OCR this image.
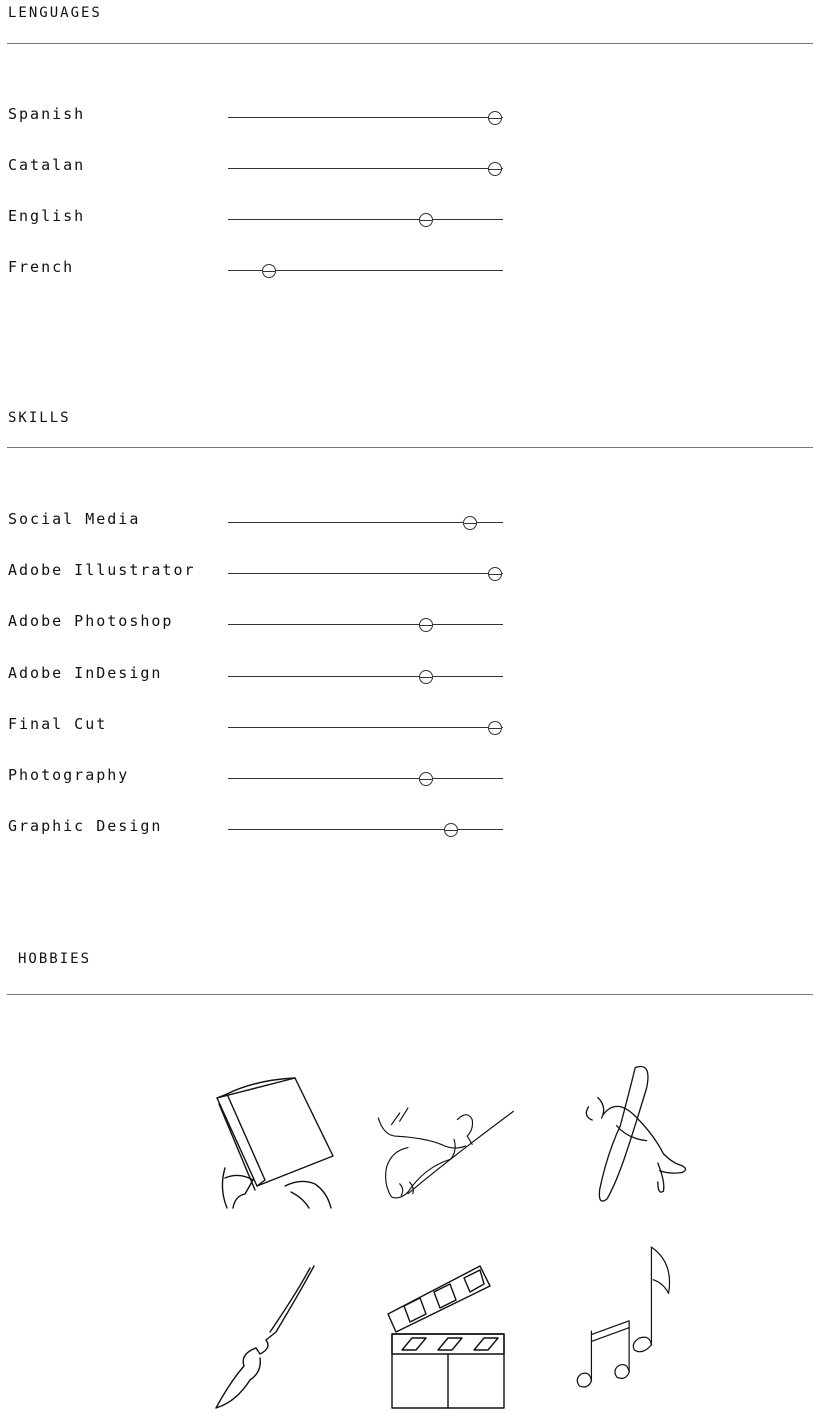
LENGUAGES
Spanish
Catalan
English
French
SKILLS
Social Media
Adobe Illustrator
Adobe Photoshop
Adobe InDesign
Final Cut
Photography
Graphic Design
HOBBIES
